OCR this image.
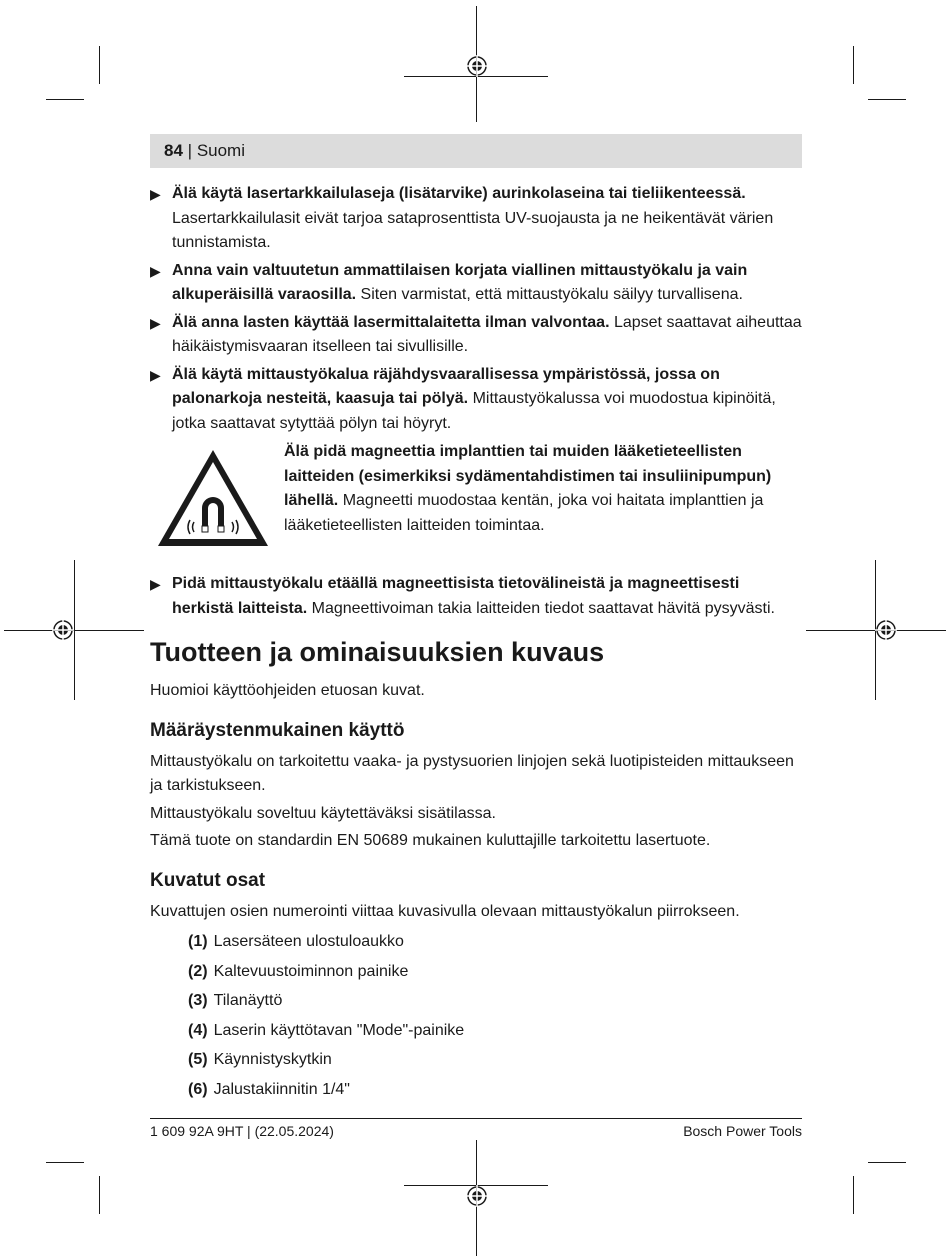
84 | Suomi
▶ Älä käytä lasertarkkailulaseja (lisätarvike) aurinkolaseina tai tieliikenteessä. Lasertarkkailulasit eivät tarjoa sataprosenttista UV-suojausta ja ne heikentävät värien tunnistamista.
▶ Anna vain valtuutetun ammattilaisen korjata viallinen mittaustyökalu ja vain alkuperäisillä varaosilla. Siten varmistat, että mittaustyökalu säilyy turvallisena.
▶ Älä anna lasten käyttää lasermittalaitetta ilman valvontaa. Lapset saattavat aiheuttaa häikäistymisvaaran itselleen tai sivullisille.
▶ Älä käytä mittaustyökalua räjähdysvaarallisessa ympäristössä, jossa on palonarkoja nesteitä, kaasuja tai pölyä. Mittaustyökalussa voi muodostua kipinöitä, jotka saattavat sytyttää pölyn tai höyryt.
Älä pidä magneettia implanttien tai muiden lääketieteellisten laitteiden (esimerkiksi sydämentahdistimen tai insuliinipumpun) lähellä. Magneetti muodostaa kentän, joka voi haitata implanttien ja lääketieteellisten laitteiden toimintaa.
▶ Pidä mittaustyökalu etäällä magneettisista tietovälineistä ja magneettisesti herkistä laitteista. Magneettivoiman takia laitteiden tiedot saattavat hävitä pysyvästi.
Tuotteen ja ominaisuuksien kuvaus

Huomioi käyttöohjeiden etuosan kuvat.

Määräystenmukainen käyttö

Mittaustyökalu on tarkoitettu vaaka- ja pystysuorien linjojen sekä luotipisteiden mittaukseen ja tarkistukseen.

Mittaustyökalu soveltuu käytettäväksi sisätilassa.

Tämä tuote on standardin EN 50689 mukainen kuluttajille tarkoitettu lasertuote.

Kuvatut osat

Kuvattujen osien numerointi viittaa kuvasivulla olevaan mittaustyökalun piirrokseen.

(1) Lasersäteen ulostuloaukko
(2) Kaltevuustoiminnon painike
(3) Tilanäyttö
(4) Laserin käyttötavan "Mode"-painike
(5) Käynnistyskytkin
(6) Jalustakiinnitin 1/4"
1 609 92A 9HT | (22.05.2024)	Bosch Power Tools
